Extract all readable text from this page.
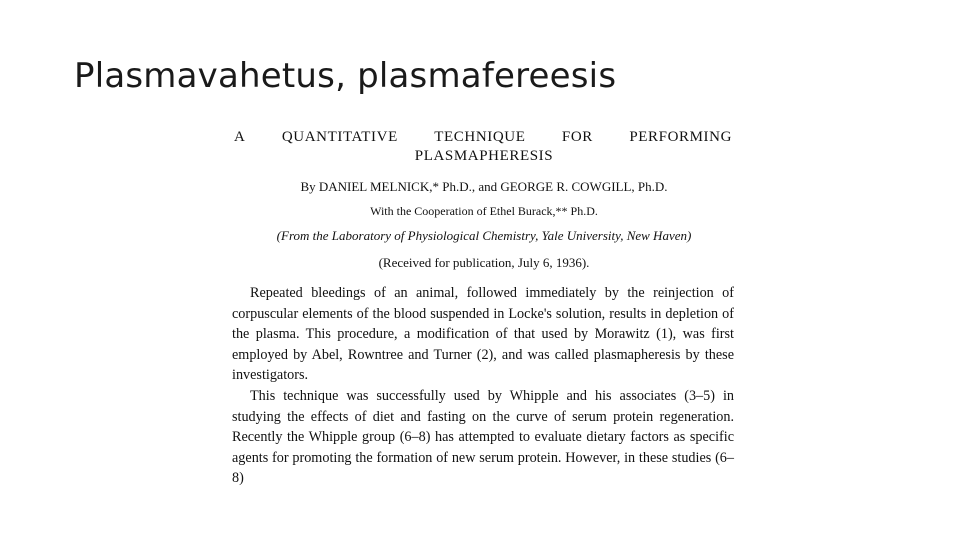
Plasmavahetus, plasmafereesis
A QUANTITATIVE TECHNIQUE FOR PERFORMING
PLASMAPHERESIS
By DANIEL MELNICK,* Ph.D., and GEORGE R. COWGILL, Ph.D.
With the Cooperation of Ethel Burack,** Ph.D.
(From the Laboratory of Physiological Chemistry, Yale University, New Haven)
(Received for publication, July 6, 1936).

Repeated bleedings of an animal, followed immediately by the reinjection of corpuscular elements of the blood suspended in Locke's solution, results in depletion of the plasma. This procedure, a modification of that used by Morawitz (1), was first employed by Abel, Rowntree and Turner (2), and was called plasmapheresis by these investigators.

This technique was successfully used by Whipple and his associates (3–5) in studying the effects of diet and fasting on the curve of serum protein regeneration. Recently the Whipple group (6–8) has attempted to evaluate dietary factors as specific agents for promoting the formation of new serum protein. However, in these studies (6–8)
